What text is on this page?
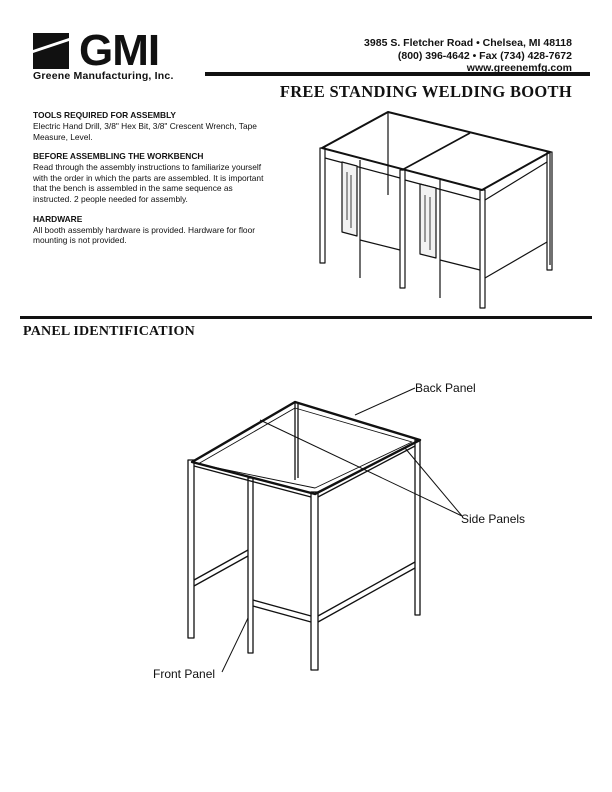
GMI
Greene Manufacturing, Inc.
3985 S. Fletcher Road • Chelsea, MI 48118
(800) 396-4642 • Fax (734) 428-7672
www.greenemfg.com
FREE STANDING WELDING BOOTH
TOOLS REQUIRED FOR ASSEMBLY

Electric Hand Drill, 3/8" Hex Bit, 3/8" Crescent Wrench, Tape Measure, Level.

BEFORE ASSEMBLING THE WORKBENCH

Read through the assembly instructions to familiarize yourself with the order in which the parts are assembled. It is important that the bench is assembled in the same sequence as instructed. 2 people needed for assembly.

HARDWARE

All booth assembly hardware is provided. Hardware for floor mounting is not provided.

PANEL IDENTIFICATION
Back Panel
Side Panels
Front Panel
